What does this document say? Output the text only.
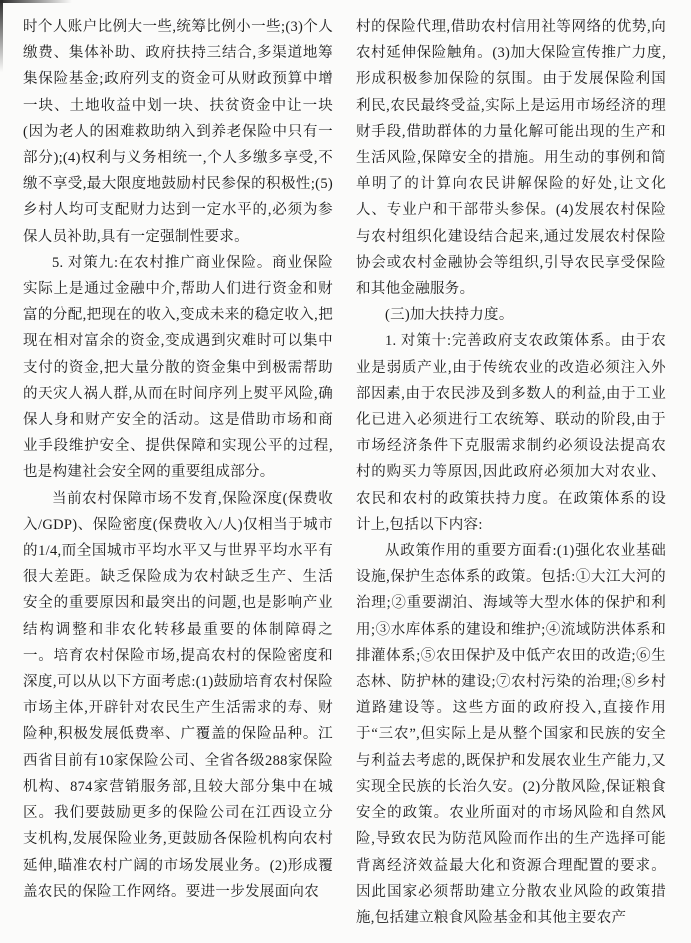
时个人账户比例大一些,统筹比例小一些;(3)个人缴费、集体补助、政府扶持三结合,多渠道地筹集保险基金;政府列支的资金可从财政预算中增一块、土地收益中划一块、扶贫资金中让一块(因为老人的困难救助纳入到养老保险中只有一部分);(4)权利与义务相统一,个人多缴多享受,不缴不享受,最大限度地鼓励村民参保的积极性;(5)乡村人均可支配财力达到一定水平的,必须为参保人员补助,具有一定强制性要求。

5. 对策九:在农村推广商业保险。商业保险实际上是通过金融中介,帮助人们进行资金和财富的分配,把现在的收入,变成未来的稳定收入,把现在相对富余的资金,变成遇到灾难时可以集中支付的资金,把大量分散的资金集中到极需帮助的天灾人祸人群,从而在时间序列上熨平风险,确保人身和财产安全的活动。这是借助市场和商业手段维护安全、提供保障和实现公平的过程,也是构建社会安全网的重要组成部分。

当前农村保障市场不发育,保险深度(保费收入/GDP)、保险密度(保费收入/人)仅相当于城市的1/4,而全国城市平均水平又与世界平均水平有很大差距。缺乏保险成为农村缺乏生产、生活安全的重要原因和最突出的问题,也是影响产业结构调整和非农化转移最重要的体制障碍之一。培育农村保险市场,提高农村的保险密度和深度,可以从以下方面考虑:(1)鼓励培育农村保险市场主体,开辟针对农民生产生活需求的寿、财险种,积极发展低费率、广覆盖的保险品种。江西省目前有10家保险公司、全省各级288家保险机构、874家营销服务部,且较大部分集中在城区。我们要鼓励更多的保险公司在江西设立分支机构,发展保险业务,更鼓励各保险机构向农村延伸,瞄准农村广阔的市场发展业务。(2)形成覆盖农民的保险工作网络。要进一步发展面向农

村的保险代理,借助农村信用社等网络的优势,向农村延伸保险触角。(3)加大保险宣传推广力度,形成积极参加保险的氛围。由于发展保险利国利民,农民最终受益,实际上是运用市场经济的理财手段,借助群体的力量化解可能出现的生产和生活风险,保障安全的措施。用生动的事例和简单明了的计算向农民讲解保险的好处,让文化人、专业户和干部带头参保。(4)发展农村保险与农村组织化建设结合起来,通过发展农村保险协会或农村金融协会等组织,引导农民享受保险和其他金融服务。

(三)加大扶持力度。

1. 对策十:完善政府支农政策体系。由于农业是弱质产业,由于传统农业的改造必须注入外部因素,由于农民涉及到多数人的利益,由于工业化已进入必须进行工农统筹、联动的阶段,由于市场经济条件下克服需求制约必须设法提高农村的购买力等原因,因此政府必须加大对农业、农民和农村的政策扶持力度。在政策体系的设计上,包括以下内容:

从政策作用的重要方面看:(1)强化农业基础设施,保护生态体系的政策。包括:①大江大河的治理;②重要湖泊、海域等大型水体的保护和利用;③水库体系的建设和维护;④流域防洪体系和排灌体系;⑤农田保护及中低产农田的改造;⑥生态林、防护林的建设;⑦农村污染的治理;⑧乡村道路建设等。这些方面的政府投入,直接作用于“三农”,但实际上是从整个国家和民族的安全与利益去考虑的,既保护和发展农业生产能力,又实现全民族的长治久安。(2)分散风险,保证粮食安全的政策。农业所面对的市场风险和自然风险,导致农民为防范风险而作出的生产选择可能背离经济效益最大化和资源合理配置的要求。因此国家必须帮助建立分散农业风险的政策措施,包括建立粮食风险基金和其他主要农产
